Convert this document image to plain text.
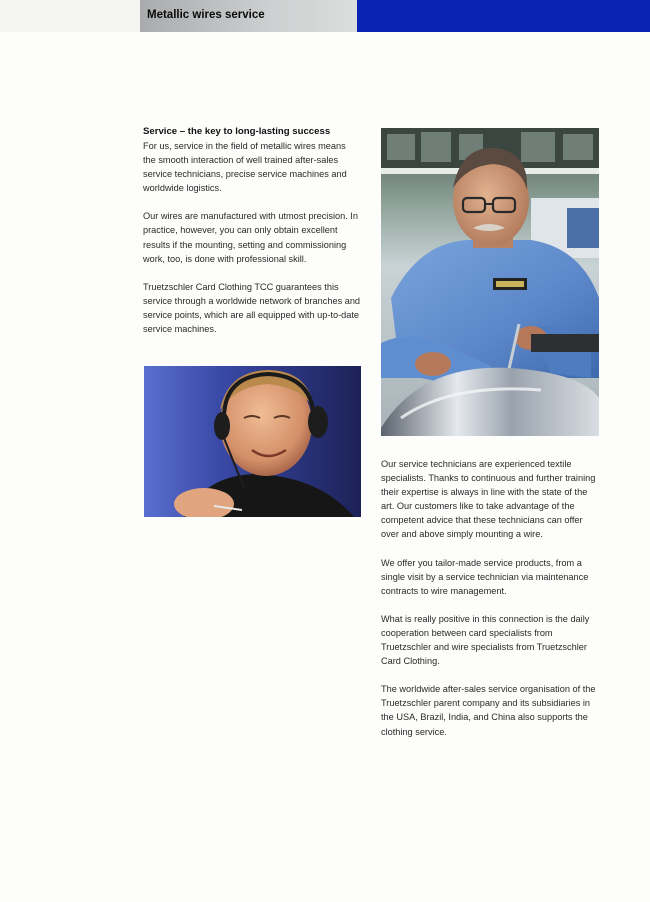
Metallic wires service

Service – the key to long-lasting success

For us, service in the field of metallic wires means the smooth interaction of well trained after-sales service technicians, precise service machines and worldwide logistics.

Our wires are manufactured with utmost precision. In practice, however, you can only obtain excellent results if the mounting, setting and commissioning work, too, is done with professional skill.

Truetzschler Card Clothing TCC guarantees this service through a worldwide network of branches and service points, which are all equipped with up-to-date service machines.

Our service technicians are experienced textile specialists. Thanks to continuous and further training their expertise is always in line with the state of the art. Our customers like to take advantage of the competent advice that these technicians can offer over and above simply mounting a wire.

We offer you tailor-made service products, from a single visit by a service technician via maintenance contracts to wire management.

What is really positive in this connection is the daily cooperation between card specialists from Truetzschler and wire specialists from Truetzschler Card Clothing.

The worldwide after-sales service organisation of the Truetzschler parent company and its subsidiaries in the USA, Brazil, India, and China also supports the clothing service.
